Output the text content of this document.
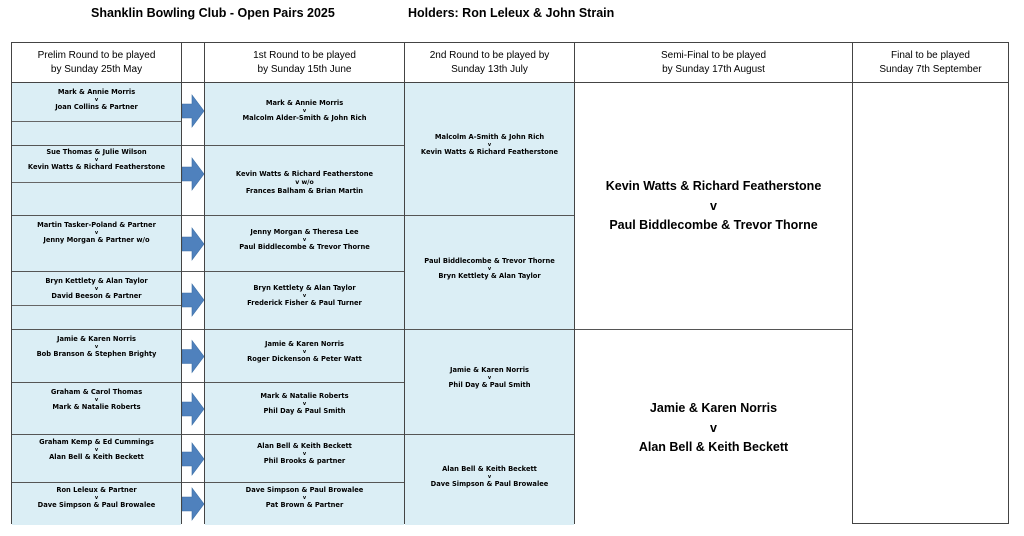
Shanklin Bowling Club - Open Pairs 2025	Holders: Ron Leleux & John Strain
Prelim Round to be played
by Sunday 25th May
Mark & Annie Morris
v
Joan Collins & Partner
Sue Thomas & Julie Wilson
v
Kevin Watts & Richard Featherstone
Martin Tasker-Poland & Partner
v
Jenny Morgan & Partner w/o
Bryn Kettlety & Alan Taylor
v
David Beeson & Partner
Jamie & Karen Norris
v
Bob Branson & Stephen Brighty
Graham & Carol Thomas
v
Mark & Natalie Roberts
Graham Kemp & Ed Cummings
v
Alan Bell & Keith Beckett
Ron Leleux & Partner
v
Dave Simpson & Paul Browalee
1st Round to be played
by Sunday 15th June
Mark & Annie Morris
v
Malcolm Alder-Smith & John Rich
Kevin Watts & Richard Featherstone
v w/o
Frances Balham & Brian Martin
Jenny Morgan & Theresa Lee
v
Paul Biddlecombe & Trevor Thorne
Bryn Kettlety & Alan Taylor
v
Frederick Fisher & Paul Turner
Jamie & Karen Norris
v
Roger Dickenson & Peter Watt
Mark & Natalie Roberts
v
Phil Day & Paul Smith
Alan Bell & Keith Beckett
v
Phil Brooks & partner
Dave Simpson & Paul Browalee
v
Pat Brown & Partner
2nd Round to be played by
Sunday 13th July
Malcolm A-Smith & John Rich
v
Kevin Watts & Richard Featherstone
Paul Biddlecombe & Trevor Thorne
v
Bryn Kettlety & Alan Taylor
Jamie & Karen Norris
v
Phil Day & Paul Smith
Alan Bell & Keith Beckett
v
Dave Simpson & Paul Browalee
Semi-Final to be played
by Sunday 17th August
Kevin Watts & Richard Featherstone
v
Paul Biddlecombe & Trevor Thorne
Jamie & Karen Norris
v
Alan Bell & Keith Beckett
Final to be played
Sunday 7th September
